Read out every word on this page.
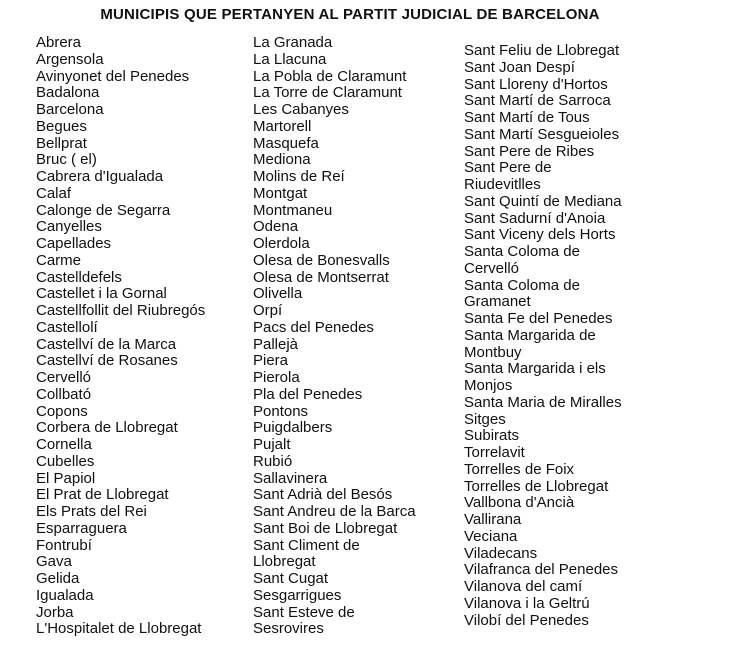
MUNICIPIS QUE PERTANYEN AL PARTIT JUDICIAL DE BARCELONA
Abrera
Argensola
Avinyonet del Penedes
Badalona
Barcelona
Begues
Bellprat
Bruc ( el)
Cabrera d'Igualada
Calaf
Calonge de Segarra
Canyelles
Capellades
Carme
Castelldefels
Castellet i la Gornal
Castellfollit del Riubregós
Castellolí
Castellví de la Marca
Castellví de Rosanes
Cervelló
Collbató
Copons
Corbera de Llobregat
Cornella
Cubelles
El Papiol
El Prat de Llobregat
Els Prats del Rei
Esparraguera
Fontrubí
Gava
Gelida
Igualada
Jorba
L'Hospitalet de Llobregat
La Granada
La Llacuna
La Pobla de Claramunt
La Torre de Claramunt
Les Cabanyes
Martorell
Masquefa
Mediona
Molins de Reí
Montgat
Montmaneu
Odena
Olerdola
Olesa de Bonesvalls
Olesa de Montserrat
Olivella
Orpí
Pacs del Penedes
Pallejà
Piera
Pierola
Pla del Penedes
Pontons
Puigdalbers
Pujalt
Rubió
Sallavinera
Sant Adrià del Besós
Sant Andreu de la Barca
Sant Boi de Llobregat
Sant Climent de
Llobregat
Sant Cugat
Sesgarrigues
Sant Esteve de
Sesrovires
Sant Feliu de Llobregat
Sant Joan Despí
Sant Lloreny d'Hortos
Sant Martí de Sarroca
Sant Martí de Tous
Sant Martí Sesgueioles
Sant Pere de Ribes
Sant Pere de
Riudevitlles
Sant Quintí de Mediana
Sant Sadurní d'Anoia
Sant Viceny dels Horts
Santa Coloma de
Cervelló
Santa Coloma de
Gramanet
Santa Fe del Penedes
Santa Margarida de
Montbuy
Santa Margarida i els
Monjos
Santa Maria de Miralles
Sitges
Subirats
Torrelavit
Torrelles de Foix
Torrelles de Llobregat
Vallbona d'Ancià
Vallirana
Veciana
Viladecans
Vilafranca del Penedes
Vilanova del camí
Vilanova i la Geltrú
Vilobí del Penedes
